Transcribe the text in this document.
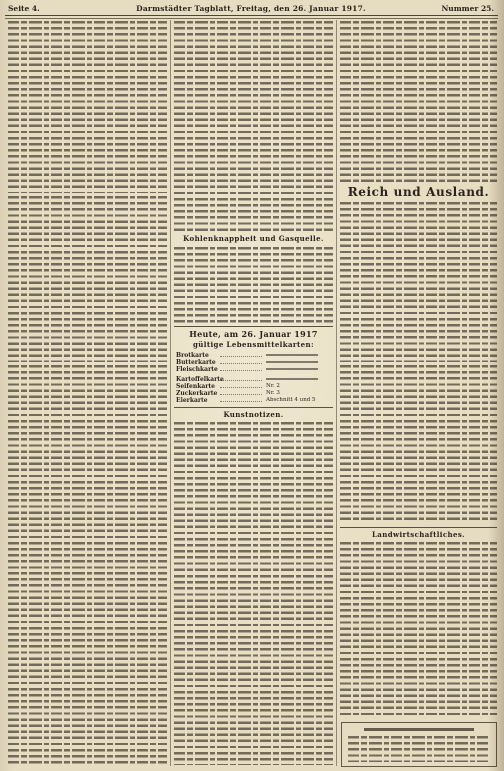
Seite 4.	Darmstädter Tagblatt, Freitag, den 26. Januar 1917.	Nummer 25.
Kohlenknappheit und Gasquelle.
Heute, am 26. Januar 1917
gültige Lebensmittelkarten:
Brotkarte
Butterkarte
Fleischkarte
Kartoffelkarte
Seifenkarte	Nr. 2
Zuckerkarte	Nr. 3
Eierkarte	Abschnitt 4 und 5
Kunstnotizen.
Reich und Ausland.
Landwirtschaftliches.
